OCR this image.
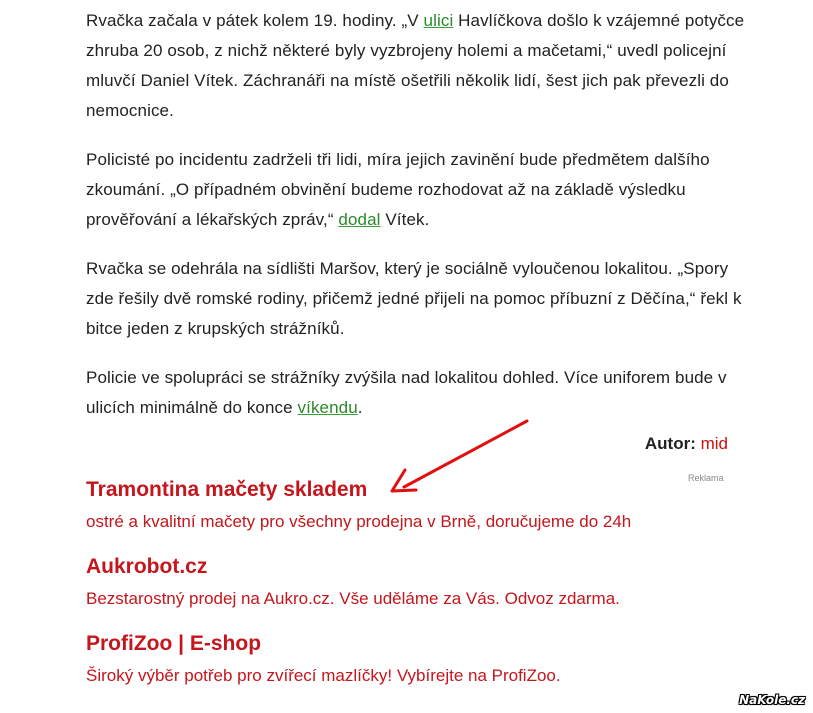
Rvačka začala v pátek kolem 19. hodiny. „V ulici Havlíčkova došlo k vzájemné potyčce zhruba 20 osob, z nichž některé byly vyzbrojeny holemi a mačetami,“ uvedl policejní mluvčí Daniel Vítek. Záchranáři na místě ošetřili několik lidí, šest jich pak převezli do nemocnice.

Policisté po incidentu zadrželi tři lidi, míra jejich zavinění bude předmětem dalšího zkoumání. „O případném obvinění budeme rozhodovat až na základě výsledku prověřování a lékařských zpráv,“ dodal Vítek.

Rvačka se odehrála na sídlišti Maršov, který je sociálně vyloučenou lokalitou. „Spory zde řešily dvě romské rodiny, přičemž jedné přijeli na pomoc příbuzní z Děčína,“ řekl k bitce jeden z krupských strážníků.

Policie ve spolupráci se strážníky zvýšila nad lokalitou dohled. Více uniforem bude v ulicích minimálně do konce víkendu.

Autor: mid
Reklama
Tramontina mačety skladem
ostré a kvalitní mačety pro všechny prodejna v Brně, doručujeme do 24h
Aukrobot.cz
Bezstarostný prodej na Aukro.cz. Vše uděláme za Vás. Odvoz zdarma.
ProfiZoo | E-shop
Široký výběr potřeb pro zvířecí mazlíčky! Vybírejte na ProfiZoo.
NaKole.cz
